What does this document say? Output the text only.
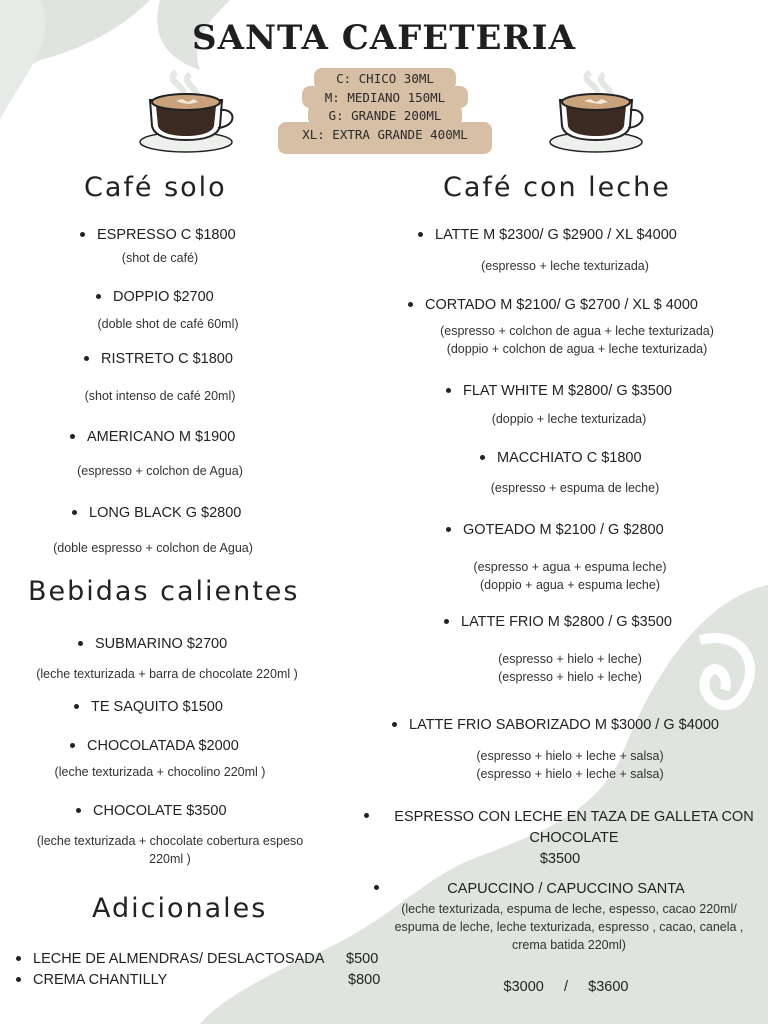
SANTA CAFETERIA
C: CHICO 30ML
M: MEDIANO 150ML
G: GRANDE 200ML
XL: EXTRA GRANDE 400ML
Café solo
ESPRESSO C $1800
(shot de café)
DOPPIO $2700
(doble shot de café 60ml)
RISTRETO C $1800
(shot intenso de café 20ml)
AMERICANO M $1900
(espresso + colchon de Agua)
LONG BLACK G $2800
(doble espresso + colchon de Agua)
Bebidas calientes
SUBMARINO $2700
(leche texturizada + barra de chocolate 220ml )
TE SAQUITO $1500
CHOCOLATADA $2000
(leche texturizada + chocolino 220ml )
CHOCOLATE $3500
(leche texturizada + chocolate cobertura espeso
220ml )
Adicionales
LECHE DE ALMENDRAS/ DESLACTOSADA $500
CREMA CHANTILLY	$800
Café con leche
LATTE M $2300/ G $2900 / XL $4000
(espresso + leche texturizada)
CORTADO M $2100/ G $2700 / XL $ 4000
(espresso + colchon de agua + leche texturizada)
(doppio + colchon de agua + leche texturizada)
FLAT WHITE M $2800/ G $3500
(doppio + leche texturizada)
MACCHIATO C $1800
(espresso + espuma de leche)
GOTEADO M $2100 / G $2800
(espresso + agua + espuma leche)
(doppio + agua + espuma leche)
LATTE FRIO M $2800 / G $3500
(espresso + hielo + leche)
(espresso + hielo + leche)
LATTE FRIO SABORIZADO M $3000 / G $4000
(espresso + hielo + leche + salsa)
(espresso + hielo + leche + salsa)
ESPRESSO CON LECHE EN TAZA DE GALLETA CON
CHOCOLATE
$3500
CAPUCCINO / CAPUCCINO SANTA
(leche texturizada, espuma de leche, espesso, cacao 220ml/
espuma de leche, leche texturizada, espresso , cacao, canela ,
crema batida 220ml)
$3000     /     $3600
